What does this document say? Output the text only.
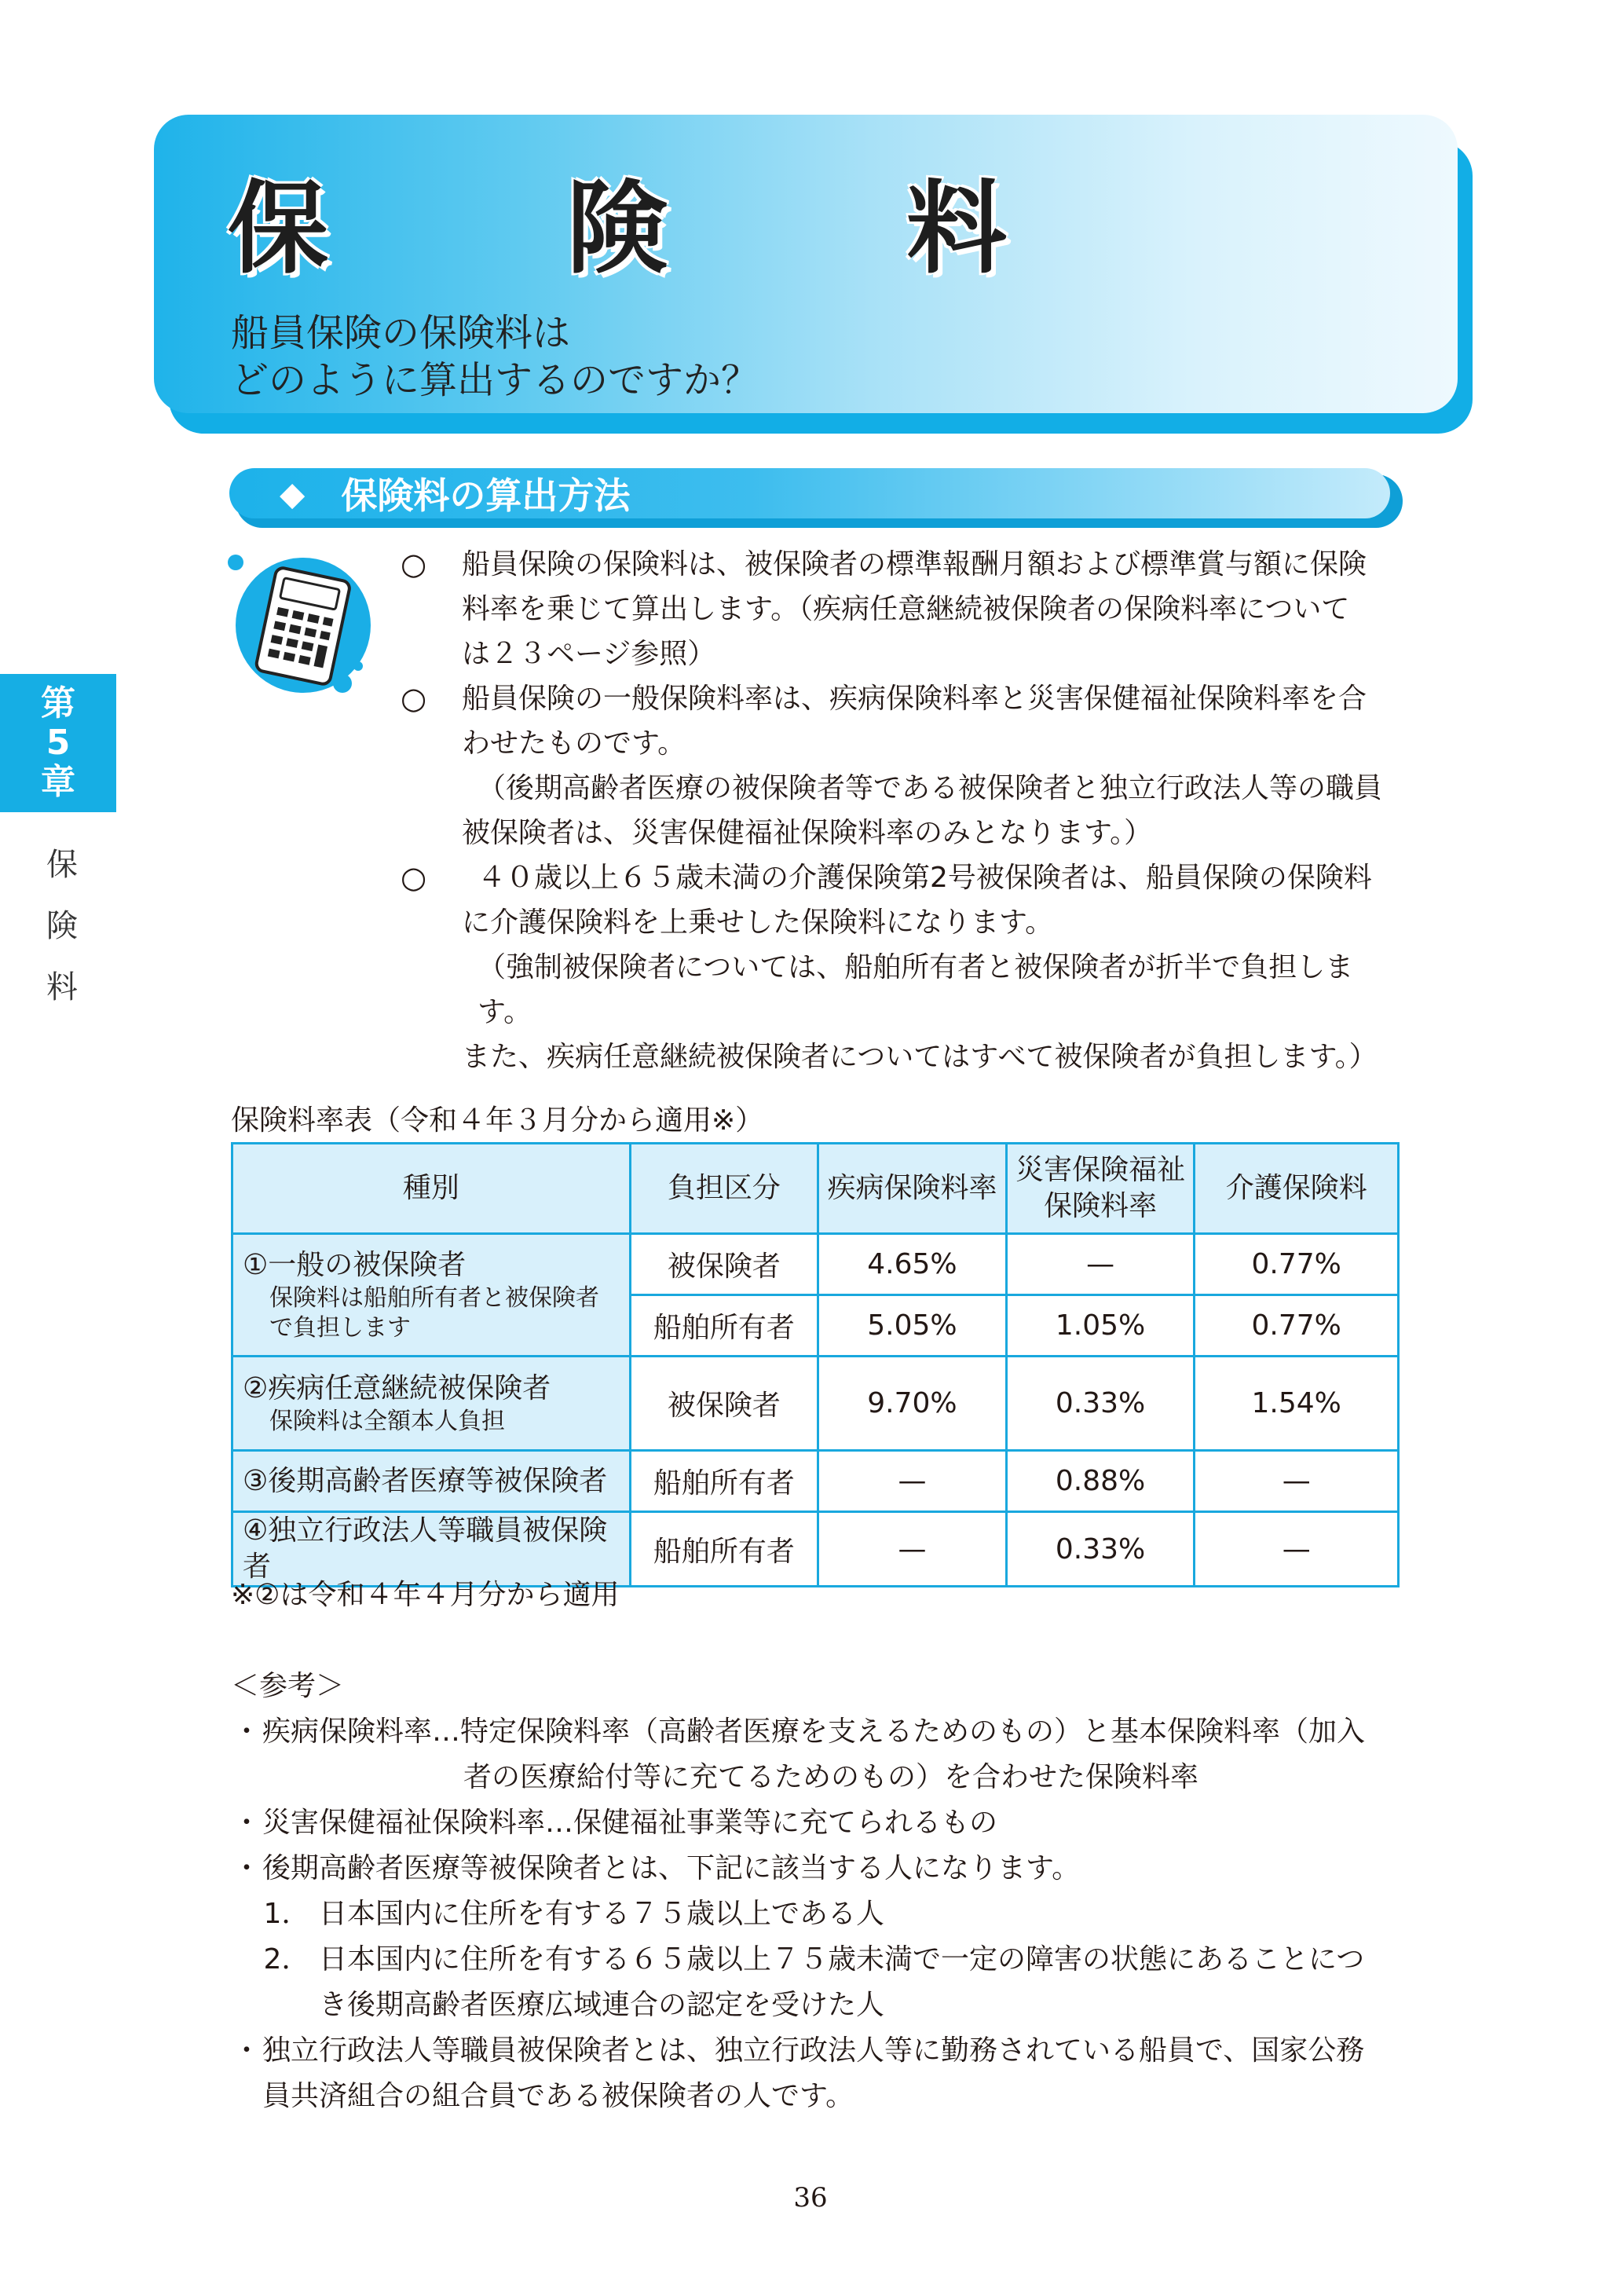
保　険　料
船員保険の保険料は
どのように算出するのですか？
第
5
章
保
険
料
◆ 保険料の算出方法
○	船員保険の保険料は、被保険者の標準報酬月額および標準賞与額に保険
料率を乗じて算出します。（疾病任意継続被保険者の保険料率について
は２３ページ参照）
○	船員保険の一般保険料率は、疾病保険料率と災害保健福祉保険料率を合
わせたものです。
（後期高齢者医療の被保険者等である被保険者と独立行政法人等の職員
被保険者は、災害保健福祉保険料率のみとなります。）
○	４０歳以上６５歳未満の介護保険第2号被保険者は、船員保険の保険料
に介護保険料を上乗せした保険料になります。
（強制被保険者については、船舶所有者と被保険者が折半で負担します。
また、疾病任意継続被保険者についてはすべて被保険者が負担します。）
保険料率表（令和４年３月分から適用※）
種別	負担区分	疾病保険料率	災害保険福祉
保険料率	介護保険料

①一般の被保険者
保険料は船舶所有者と被保険者
で負担します	被保険者	4.65%	—	0.77%
	船舶所有者	5.05%	1.05%	0.77%

②疾病任意継続被保険者
保険料は全額本人負担	被保険者	9.70%	0.33%	1.54%

③後期高齢者医療等被保険者	船舶所有者	—	0.88%	—

④独立行政法人等職員被保険者	船舶所有者	—	0.33%	—
※②は令和４年４月分から適用
＜参考＞
・ 疾病保険料率…特定保険料率（高齢者医療を支えるためのもの）と基本保険料率（加入
者の医療給付等に充てるためのもの）を合わせた保険料率
・ 災害保健福祉保険料率…保健福祉事業等に充てられるもの
・ 後期高齢者医療等被保険者とは、下記に該当する人になります。
1． 日本国内に住所を有する７５歳以上である人
2． 日本国内に住所を有する６５歳以上７５歳未満で一定の障害の状態にあることにつ
き後期高齢者医療広域連合の認定を受けた人
・ 独立行政法人等職員被保険者とは、独立行政法人等に勤務されている船員で、国家公務
員共済組合の組合員である被保険者の人です。
36
